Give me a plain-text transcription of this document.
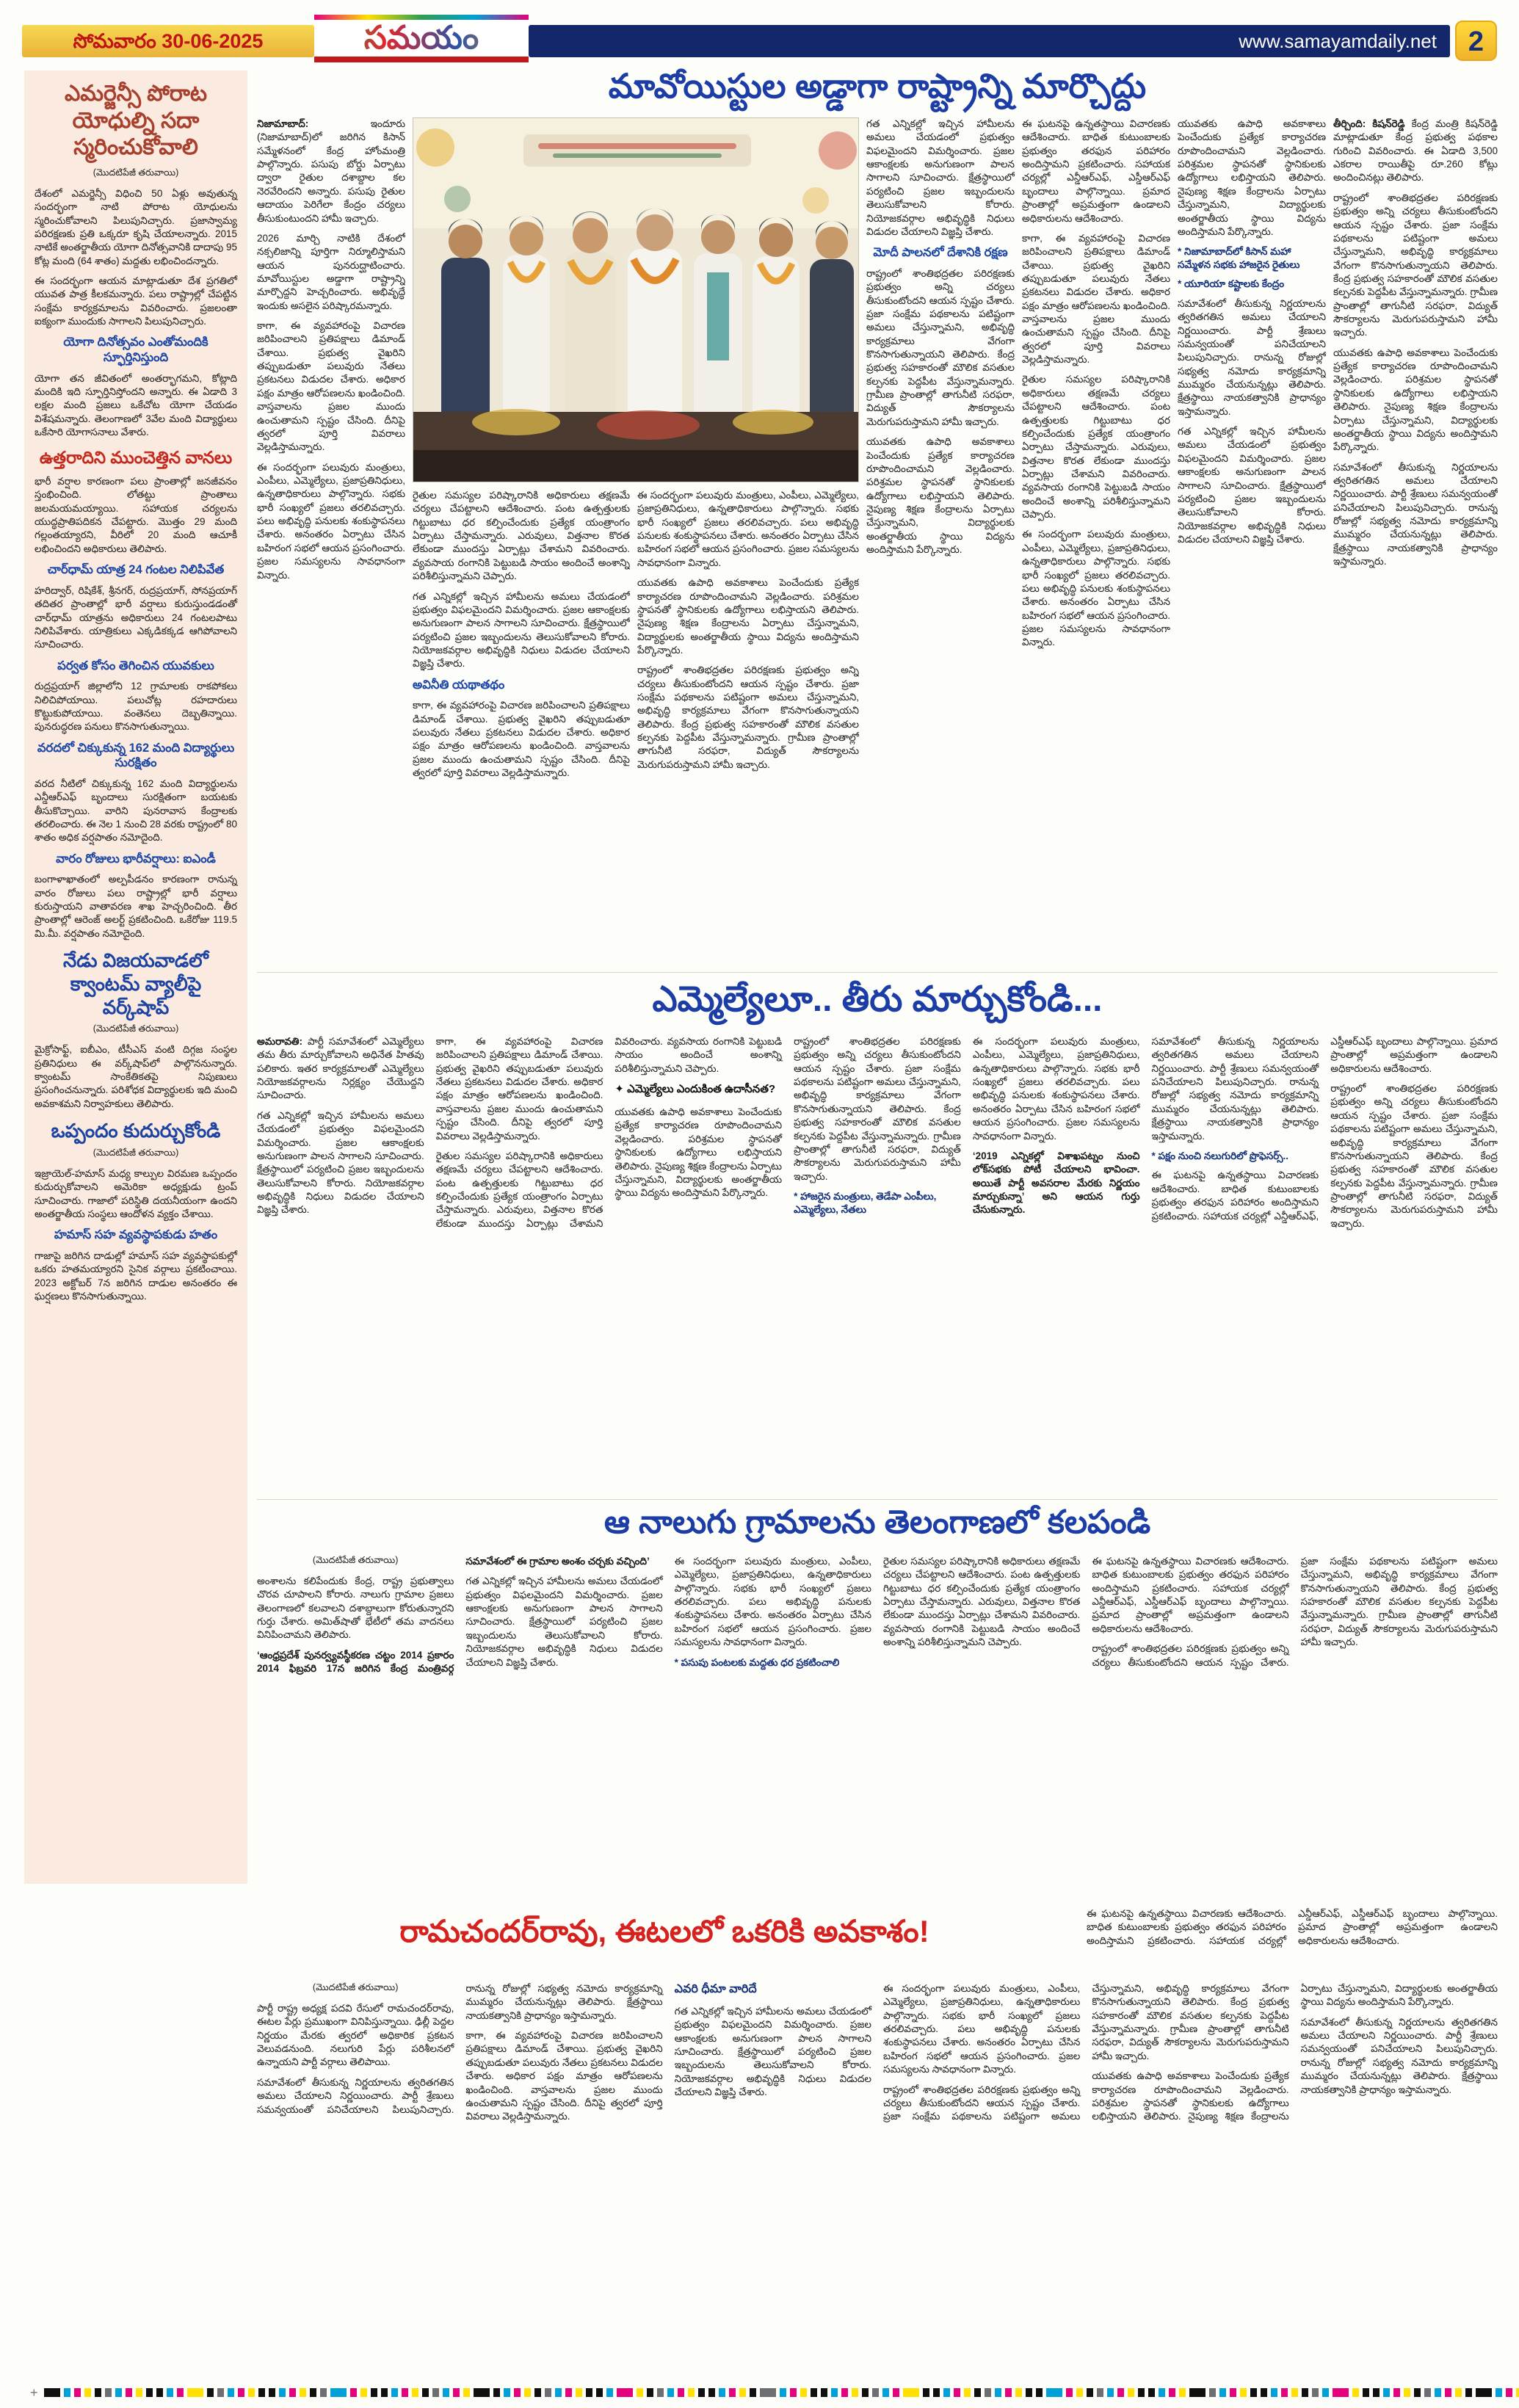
సోమవారం 30-06-2025	సమయం	www.samayamdaily.net	2
ఎమర్జెన్సీ పోరాట యోధుల్ని సదా స్మరించుకోవాలి
(మొదటిపేజీ తరువాయి)

దేశంలో ఎమర్జెన్సీ విధించి 50 ఏళ్లు అవుతున్న సందర్భంగా నాటి పోరాట యోధులను స్మరించుకోవాలని పిలుపునిచ్చారు. ప్రజాస్వామ్య పరిరక్షణకు ప్రతి ఒక్కరూ కృషి చేయాలన్నారు. 2015 నాటికే అంతర్జాతీయ యోగా దినోత్సవానికి దాదాపు 95 కోట్ల మంది (64 శాతం) మద్దతు లభించిందన్నారు.

ఈ సందర్భంగా ఆయన మాట్లాడుతూ దేశ ప్రగతిలో యువత పాత్ర కీలకమన్నారు. పలు రాష్ట్రాల్లో చేపట్టిన సంక్షేమ కార్యక్రమాలను వివరించారు. ప్రజలంతా ఐక్యంగా ముందుకు సాగాలని పిలుపునిచ్చారు.

యోగా దినోత్సవం ఎంతోమందికి స్ఫూర్తినిస్తుంది

యోగా తన జీవితంలో అంతర్భాగమని, కోట్లాది మందికి ఇది స్ఫూర్తినిస్తోందని అన్నారు. ఈ ఏడాది 3 లక్షల మంది ప్రజలు ఒకేచోట యోగా చేయడం విశేషమన్నారు. తెలంగాణలో 3వేల మంది విద్యార్థులు ఒకేసారి యోగాసనాలు వేశారు.

ఉత్తరాదిని ముంచెత్తిన వానలు

భారీ వర్షాల కారణంగా పలు ప్రాంతాల్లో జనజీవనం స్తంభించింది. లోతట్టు ప్రాంతాలు జలమయమయ్యాయి. సహాయక చర్యలను యుద్ధప్రాతిపదికన చేపట్టారు. మొత్తం 29 మంది గల్లంతయ్యారని, వీరిలో 20 మంది ఆచూకీ లభించిందని అధికారులు తెలిపారు.

చార్‌ధామ్ యాత్ర 24 గంటల నిలిపివేత

హరిద్వార్, రిషికేశ్, శ్రీనగర్, రుద్రప్రయాగ్, సోనప్రయాగ్ తదితర ప్రాంతాల్లో భారీ వర్షాలు కురుస్తుండడంతో చార్‌ధామ్ యాత్రను అధికారులు 24 గంటలపాటు నిలిపివేశారు. యాత్రికులు ఎక్కడికక్కడ ఆగిపోవాలని సూచించారు.

పర్వత కోసం తెగించిన యువకులు

రుద్రప్రయాగ్ జిల్లాలోని 12 గ్రామాలకు రాకపోకలు నిలిచిపోయాయి. పలుచోట్ల రహదారులు కొట్టుకుపోయాయి. వంతెనలు దెబ్బతిన్నాయి. పునరుద్ధరణ పనులు కొనసాగుతున్నాయి.

వరదలో చిక్కుకున్న 162 మంది విద్యార్థులు సురక్షితం

వరద నీటిలో చిక్కుకున్న 162 మంది విద్యార్థులను ఎన్డీఆర్ఎఫ్ బృందాలు సురక్షితంగా బయటకు తీసుకొచ్చాయి. వారిని పునరావాస కేంద్రాలకు తరలించారు. ఈ నెల 1 నుంచి 28 వరకు రాష్ట్రంలో 80 శాతం అధిక వర్షపాతం నమోదైంది.

వారం రోజులు భారీవర్షాలు: ఐఎండీ

బంగాళాఖాతంలో అల్పపీడనం కారణంగా రానున్న వారం రోజులు పలు రాష్ట్రాల్లో భారీ వర్షాలు కురుస్తాయని వాతావరణ శాఖ హెచ్చరించింది. తీర ప్రాంతాల్లో ఆరెంజ్ అలర్ట్ ప్రకటించింది. ఒకేరోజు 119.5 మి.మీ. వర్షపాతం నమోదైంది.

నేడు విజయవాడలో క్వాంటమ్ వ్యాలీపై వర్క్‌షాప్
(మొదటిపేజీ తరువాయి)

మైక్రోసాఫ్ట్, ఐబీఎం, టీసీఎస్ వంటి దిగ్గజ సంస్థల ప్రతినిధులు ఈ వర్క్‌షాప్‌లో పాల్గొననున్నారు. క్వాంటమ్ సాంకేతికతపై నిపుణులు ప్రసంగించనున్నారు. పరిశోధక విద్యార్థులకు ఇది మంచి అవకాశమని నిర్వాహకులు తెలిపారు.

ఒప్పందం కుదుర్చుకోండి
(మొదటిపేజీ తరువాయి)

ఇజ్రాయెల్-హమాస్ మధ్య కాల్పుల విరమణ ఒప్పందం కుదుర్చుకోవాలని అమెరికా అధ్యక్షుడు ట్రంప్ సూచించారు. గాజాలో పరిస్థితి దయనీయంగా ఉందని అంతర్జాతీయ సంస్థలు ఆందోళన వ్యక్తం చేశాయి.

హమాస్ సహ వ్యవస్థాపకుడు హతం

గాజాపై జరిగిన దాడుల్లో హమాస్ సహ వ్యవస్థాపకుల్లో ఒకరు హతమయ్యారని సైనిక వర్గాలు ప్రకటించాయి. 2023 అక్టోబర్ 7న జరిగిన దాడుల అనంతరం ఈ ఘర్షణలు కొనసాగుతున్నాయి.

మావోయిస్టుల అడ్డాగా రాష్ట్రాన్ని మార్చొద్దు

నిజామాబాద్: ఇందూరు (నిజామాబాద్)లో జరిగిన కిసాన్ సమ్మేళనంలో కేంద్ర హోంమంత్రి పాల్గొన్నారు. పసుపు బోర్డు ఏర్పాటు ద్వారా రైతుల దశాబ్దాల కల నెరవేరిందని అన్నారు. పసుపు రైతుల ఆదాయం పెరిగేలా కేంద్రం చర్యలు తీసుకుంటుందని హామీ ఇచ్చారు.

2026 మార్చి నాటికి దేశంలో నక్సలిజాన్ని పూర్తిగా నిర్మూలిస్తామని ఆయన పునరుద్ఘాటించారు. మావోయిస్టుల అడ్డాగా రాష్ట్రాన్ని మార్చొద్దని హెచ్చరించారు. అభివృద్ధే ఇందుకు అసలైన పరిష్కారమన్నారు.

కాగా, ఈ వ్యవహారంపై విచారణ జరిపించాలని ప్రతిపక్షాలు డిమాండ్ చేశాయి. ప్రభుత్వ వైఖరిని తప్పుబడుతూ పలువురు నేతలు ప్రకటనలు విడుదల చేశారు. అధికార పక్షం మాత్రం ఆరోపణలను ఖండించింది. వాస్తవాలను ప్రజల ముందు ఉంచుతామని స్పష్టం చేసింది. దీనిపై త్వరలో పూర్తి వివరాలు వెల్లడిస్తామన్నారు.

ఈ సందర్భంగా పలువురు మంత్రులు, ఎంపీలు, ఎమ్మెల్యేలు, ప్రజాప్రతినిధులు, ఉన్నతాధికారులు పాల్గొన్నారు. సభకు భారీ సంఖ్యలో ప్రజలు తరలివచ్చారు. పలు అభివృద్ధి పనులకు శంకుస్థాపనలు చేశారు. అనంతరం ఏర్పాటు చేసిన బహిరంగ సభలో ఆయన ప్రసంగించారు. ప్రజల సమస్యలను సావధానంగా విన్నారు.

రైతుల సమస్యల పరిష్కారానికి అధికారులు తక్షణమే చర్యలు చేపట్టాలని ఆదేశించారు. పంట ఉత్పత్తులకు గిట్టుబాటు ధర కల్పించేందుకు ప్రత్యేక యంత్రాంగం ఏర్పాటు చేస్తామన్నారు. ఎరువులు, విత్తనాల కొరత లేకుండా ముందస్తు ఏర్పాట్లు చేశామని వివరించారు. వ్యవసాయ రంగానికి పెట్టుబడి సాయం అందించే అంశాన్ని పరిశీలిస్తున్నామని చెప్పారు.

గత ఎన్నికల్లో ఇచ్చిన హామీలను అమలు చేయడంలో ప్రభుత్వం విఫలమైందని విమర్శించారు. ప్రజల ఆకాంక్షలకు అనుగుణంగా పాలన సాగాలని సూచించారు. క్షేత్రస్థాయిలో పర్యటించి ప్రజల ఇబ్బందులను తెలుసుకోవాలని కోరారు. నియోజకవర్గాల అభివృద్ధికి నిధులు విడుదల చేయాలని విజ్ఞప్తి చేశారు.

అవినీతి యథాతథం

కాగా, ఈ వ్యవహారంపై విచారణ జరిపించాలని ప్రతిపక్షాలు డిమాండ్ చేశాయి. ప్రభుత్వ వైఖరిని తప్పుబడుతూ పలువురు నేతలు ప్రకటనలు విడుదల చేశారు. అధికార పక్షం మాత్రం ఆరోపణలను ఖండించింది. వాస్తవాలను ప్రజల ముందు ఉంచుతామని స్పష్టం చేసింది. దీనిపై త్వరలో పూర్తి వివరాలు వెల్లడిస్తామన్నారు.

ఈ సందర్భంగా పలువురు మంత్రులు, ఎంపీలు, ఎమ్మెల్యేలు, ప్రజాప్రతినిధులు, ఉన్నతాధికారులు పాల్గొన్నారు. సభకు భారీ సంఖ్యలో ప్రజలు తరలివచ్చారు. పలు అభివృద్ధి పనులకు శంకుస్థాపనలు చేశారు. అనంతరం ఏర్పాటు చేసిన బహిరంగ సభలో ఆయన ప్రసంగించారు. ప్రజల సమస్యలను సావధానంగా విన్నారు.

యువతకు ఉపాధి అవకాశాలు పెంచేందుకు ప్రత్యేక కార్యాచరణ రూపొందించామని వెల్లడించారు. పరిశ్రమల స్థాపనతో స్థానికులకు ఉద్యోగాలు లభిస్తాయని తెలిపారు. నైపుణ్య శిక్షణ కేంద్రాలను ఏర్పాటు చేస్తున్నామని, విద్యార్థులకు అంతర్జాతీయ స్థాయి విద్యను అందిస్తామని పేర్కొన్నారు.

రాష్ట్రంలో శాంతిభద్రతల పరిరక్షణకు ప్రభుత్వం అన్ని చర్యలు తీసుకుంటోందని ఆయన స్పష్టం చేశారు. ప్రజా సంక్షేమ పథకాలను పటిష్టంగా అమలు చేస్తున్నామని, అభివృద్ధి కార్యక్రమాలు వేగంగా కొనసాగుతున్నాయని తెలిపారు. కేంద్ర ప్రభుత్వ సహకారంతో మౌలిక వసతుల కల్పనకు పెద్దపీట వేస్తున్నామన్నారు. గ్రామీణ ప్రాంతాల్లో తాగునీటి సరఫరా, విద్యుత్ సౌకర్యాలను మెరుగుపరుస్తామని హామీ ఇచ్చారు.

గత ఎన్నికల్లో ఇచ్చిన హామీలను అమలు చేయడంలో ప్రభుత్వం విఫలమైందని విమర్శించారు. ప్రజల ఆకాంక్షలకు అనుగుణంగా పాలన సాగాలని సూచించారు. క్షేత్రస్థాయిలో పర్యటించి ప్రజల ఇబ్బందులను తెలుసుకోవాలని కోరారు. నియోజకవర్గాల అభివృద్ధికి నిధులు విడుదల చేయాలని విజ్ఞప్తి చేశారు.

మోదీ పాలనలో దేశానికి రక్షణ

రాష్ట్రంలో శాంతిభద్రతల పరిరక్షణకు ప్రభుత్వం అన్ని చర్యలు తీసుకుంటోందని ఆయన స్పష్టం చేశారు. ప్రజా సంక్షేమ పథకాలను పటిష్టంగా అమలు చేస్తున్నామని, అభివృద్ధి కార్యక్రమాలు వేగంగా కొనసాగుతున్నాయని తెలిపారు. కేంద్ర ప్రభుత్వ సహకారంతో మౌలిక వసతుల కల్పనకు పెద్దపీట వేస్తున్నామన్నారు. గ్రామీణ ప్రాంతాల్లో తాగునీటి సరఫరా, విద్యుత్ సౌకర్యాలను మెరుగుపరుస్తామని హామీ ఇచ్చారు.

యువతకు ఉపాధి అవకాశాలు పెంచేందుకు ప్రత్యేక కార్యాచరణ రూపొందించామని వెల్లడించారు. పరిశ్రమల స్థాపనతో స్థానికులకు ఉద్యోగాలు లభిస్తాయని తెలిపారు. నైపుణ్య శిక్షణ కేంద్రాలను ఏర్పాటు చేస్తున్నామని, విద్యార్థులకు అంతర్జాతీయ స్థాయి విద్యను అందిస్తామని పేర్కొన్నారు.

ఈ ఘటనపై ఉన్నతస్థాయి విచారణకు ఆదేశించారు. బాధిత కుటుంబాలకు ప్రభుత్వం తరఫున పరిహారం అందిస్తామని ప్రకటించారు. సహాయక చర్యల్లో ఎన్డీఆర్ఎఫ్, ఎస్డీఆర్ఎఫ్ బృందాలు పాల్గొన్నాయి. ప్రమాద ప్రాంతాల్లో అప్రమత్తంగా ఉండాలని అధికారులను ఆదేశించారు.

కాగా, ఈ వ్యవహారంపై విచారణ జరిపించాలని ప్రతిపక్షాలు డిమాండ్ చేశాయి. ప్రభుత్వ వైఖరిని తప్పుబడుతూ పలువురు నేతలు ప్రకటనలు విడుదల చేశారు. అధికార పక్షం మాత్రం ఆరోపణలను ఖండించింది. వాస్తవాలను ప్రజల ముందు ఉంచుతామని స్పష్టం చేసింది. దీనిపై త్వరలో పూర్తి వివరాలు వెల్లడిస్తామన్నారు.

రైతుల సమస్యల పరిష్కారానికి అధికారులు తక్షణమే చర్యలు చేపట్టాలని ఆదేశించారు. పంట ఉత్పత్తులకు గిట్టుబాటు ధర కల్పించేందుకు ప్రత్యేక యంత్రాంగం ఏర్పాటు చేస్తామన్నారు. ఎరువులు, విత్తనాల కొరత లేకుండా ముందస్తు ఏర్పాట్లు చేశామని వివరించారు. వ్యవసాయ రంగానికి పెట్టుబడి సాయం అందించే అంశాన్ని పరిశీలిస్తున్నామని చెప్పారు.

ఈ సందర్భంగా పలువురు మంత్రులు, ఎంపీలు, ఎమ్మెల్యేలు, ప్రజాప్రతినిధులు, ఉన్నతాధికారులు పాల్గొన్నారు. సభకు భారీ సంఖ్యలో ప్రజలు తరలివచ్చారు. పలు అభివృద్ధి పనులకు శంకుస్థాపనలు చేశారు. అనంతరం ఏర్పాటు చేసిన బహిరంగ సభలో ఆయన ప్రసంగించారు. ప్రజల సమస్యలను సావధానంగా విన్నారు.

యువతకు ఉపాధి అవకాశాలు పెంచేందుకు ప్రత్యేక కార్యాచరణ రూపొందించామని వెల్లడించారు. పరిశ్రమల స్థాపనతో స్థానికులకు ఉద్యోగాలు లభిస్తాయని తెలిపారు. నైపుణ్య శిక్షణ కేంద్రాలను ఏర్పాటు చేస్తున్నామని, విద్యార్థులకు అంతర్జాతీయ స్థాయి విద్యను అందిస్తామని పేర్కొన్నారు.

* నిజామాబాద్‌లో కిసాన్ మహా సమ్మేళన సభకు హాజరైన రైతులు
* యూరియా కష్టాలకు కేంద్రం

సమావేశంలో తీసుకున్న నిర్ణయాలను త్వరితగతిన అమలు చేయాలని నిర్ణయించారు. పార్టీ శ్రేణులు సమన్వయంతో పనిచేయాలని పిలుపునిచ్చారు. రానున్న రోజుల్లో సభ్యత్వ నమోదు కార్యక్రమాన్ని ముమ్మరం చేయనున్నట్లు తెలిపారు. క్షేత్రస్థాయి నాయకత్వానికి ప్రాధాన్యం ఇస్తామన్నారు.

గత ఎన్నికల్లో ఇచ్చిన హామీలను అమలు చేయడంలో ప్రభుత్వం విఫలమైందని విమర్శించారు. ప్రజల ఆకాంక్షలకు అనుగుణంగా పాలన సాగాలని సూచించారు. క్షేత్రస్థాయిలో పర్యటించి ప్రజల ఇబ్బందులను తెలుసుకోవాలని కోరారు. నియోజకవర్గాల అభివృద్ధికి నిధులు విడుదల చేయాలని విజ్ఞప్తి చేశారు.

తీర్చింది: కిషన్‌రెడ్డి కేంద్ర మంత్రి కిషన్‌రెడ్డి మాట్లాడుతూ కేంద్ర ప్రభుత్వ పథకాల గురించి వివరించారు. ఈ ఏడాది 3,500 ఎకరాల రాయితీపై రూ.260 కోట్లు అందించినట్లు తెలిపారు.

రాష్ట్రంలో శాంతిభద్రతల పరిరక్షణకు ప్రభుత్వం అన్ని చర్యలు తీసుకుంటోందని ఆయన స్పష్టం చేశారు. ప్రజా సంక్షేమ పథకాలను పటిష్టంగా అమలు చేస్తున్నామని, అభివృద్ధి కార్యక్రమాలు వేగంగా కొనసాగుతున్నాయని తెలిపారు. కేంద్ర ప్రభుత్వ సహకారంతో మౌలిక వసతుల కల్పనకు పెద్దపీట వేస్తున్నామన్నారు. గ్రామీణ ప్రాంతాల్లో తాగునీటి సరఫరా, విద్యుత్ సౌకర్యాలను మెరుగుపరుస్తామని హామీ ఇచ్చారు.

యువతకు ఉపాధి అవకాశాలు పెంచేందుకు ప్రత్యేక కార్యాచరణ రూపొందించామని వెల్లడించారు. పరిశ్రమల స్థాపనతో స్థానికులకు ఉద్యోగాలు లభిస్తాయని తెలిపారు. నైపుణ్య శిక్షణ కేంద్రాలను ఏర్పాటు చేస్తున్నామని, విద్యార్థులకు అంతర్జాతీయ స్థాయి విద్యను అందిస్తామని పేర్కొన్నారు.

సమావేశంలో తీసుకున్న నిర్ణయాలను త్వరితగతిన అమలు చేయాలని నిర్ణయించారు. పార్టీ శ్రేణులు సమన్వయంతో పనిచేయాలని పిలుపునిచ్చారు. రానున్న రోజుల్లో సభ్యత్వ నమోదు కార్యక్రమాన్ని ముమ్మరం చేయనున్నట్లు తెలిపారు. క్షేత్రస్థాయి నాయకత్వానికి ప్రాధాన్యం ఇస్తామన్నారు.

ఎమ్మెల్యేలూ.. తీరు మార్చుకోండి...

అమరావతి: పార్టీ సమావేశంలో ఎమ్మెల్యేలు తమ తీరు మార్చుకోవాలని అధినేత హితవు పలికారు. ఇతర కార్యక్రమాలతో ఎమ్మెల్యేలు నియోజకవర్గాలను నిర్లక్ష్యం చేయొద్దని సూచించారు.

గత ఎన్నికల్లో ఇచ్చిన హామీలను అమలు చేయడంలో ప్రభుత్వం విఫలమైందని విమర్శించారు. ప్రజల ఆకాంక్షలకు అనుగుణంగా పాలన సాగాలని సూచించారు. క్షేత్రస్థాయిలో పర్యటించి ప్రజల ఇబ్బందులను తెలుసుకోవాలని కోరారు. నియోజకవర్గాల అభివృద్ధికి నిధులు విడుదల చేయాలని విజ్ఞప్తి చేశారు.

కాగా, ఈ వ్యవహారంపై విచారణ జరిపించాలని ప్రతిపక్షాలు డిమాండ్ చేశాయి. ప్రభుత్వ వైఖరిని తప్పుబడుతూ పలువురు నేతలు ప్రకటనలు విడుదల చేశారు. అధికార పక్షం మాత్రం ఆరోపణలను ఖండించింది. వాస్తవాలను ప్రజల ముందు ఉంచుతామని స్పష్టం చేసింది. దీనిపై త్వరలో పూర్తి వివరాలు వెల్లడిస్తామన్నారు.

రైతుల సమస్యల పరిష్కారానికి అధికారులు తక్షణమే చర్యలు చేపట్టాలని ఆదేశించారు. పంట ఉత్పత్తులకు గిట్టుబాటు ధర కల్పించేందుకు ప్రత్యేక యంత్రాంగం ఏర్పాటు చేస్తామన్నారు. ఎరువులు, విత్తనాల కొరత లేకుండా ముందస్తు ఏర్పాట్లు చేశామని వివరించారు. వ్యవసాయ రంగానికి పెట్టుబడి సాయం అందించే అంశాన్ని పరిశీలిస్తున్నామని చెప్పారు.

✦ ఎమ్మెల్యేలు ఎందుకింత ఉదాసీనత?

యువతకు ఉపాధి అవకాశాలు పెంచేందుకు ప్రత్యేక కార్యాచరణ రూపొందించామని వెల్లడించారు. పరిశ్రమల స్థాపనతో స్థానికులకు ఉద్యోగాలు లభిస్తాయని తెలిపారు. నైపుణ్య శిక్షణ కేంద్రాలను ఏర్పాటు చేస్తున్నామని, విద్యార్థులకు అంతర్జాతీయ స్థాయి విద్యను అందిస్తామని పేర్కొన్నారు.

రాష్ట్రంలో శాంతిభద్రతల పరిరక్షణకు ప్రభుత్వం అన్ని చర్యలు తీసుకుంటోందని ఆయన స్పష్టం చేశారు. ప్రజా సంక్షేమ పథకాలను పటిష్టంగా అమలు చేస్తున్నామని, అభివృద్ధి కార్యక్రమాలు వేగంగా కొనసాగుతున్నాయని తెలిపారు. కేంద్ర ప్రభుత్వ సహకారంతో మౌలిక వసతుల కల్పనకు పెద్దపీట వేస్తున్నామన్నారు. గ్రామీణ ప్రాంతాల్లో తాగునీటి సరఫరా, విద్యుత్ సౌకర్యాలను మెరుగుపరుస్తామని హామీ ఇచ్చారు.

* హాజరైన మంత్రులు, తెడేపా ఎంపీలు, ఎమ్మెల్యేలు, నేతలు

ఈ సందర్భంగా పలువురు మంత్రులు, ఎంపీలు, ఎమ్మెల్యేలు, ప్రజాప్రతినిధులు, ఉన్నతాధికారులు పాల్గొన్నారు. సభకు భారీ సంఖ్యలో ప్రజలు తరలివచ్చారు. పలు అభివృద్ధి పనులకు శంకుస్థాపనలు చేశారు. అనంతరం ఏర్పాటు చేసిన బహిరంగ సభలో ఆయన ప్రసంగించారు. ప్రజల సమస్యలను సావధానంగా విన్నారు.

‘2019 ఎన్నికల్లో విశాఖపట్నం నుంచి లోక్‌సభకు పోటీ చేయాలని భావించా. అయితే పార్టీ అవసరాల మేరకు నిర్ణయం మార్చుకున్నా’ అని ఆయన గుర్తు చేసుకున్నారు.

సమావేశంలో తీసుకున్న నిర్ణయాలను త్వరితగతిన అమలు చేయాలని నిర్ణయించారు. పార్టీ శ్రేణులు సమన్వయంతో పనిచేయాలని పిలుపునిచ్చారు. రానున్న రోజుల్లో సభ్యత్వ నమోదు కార్యక్రమాన్ని ముమ్మరం చేయనున్నట్లు తెలిపారు. క్షేత్రస్థాయి నాయకత్వానికి ప్రాధాన్యం ఇస్తామన్నారు.

* పక్షం నుంచి నలుగురిలో ప్రొఫెసర్స్..

ఈ ఘటనపై ఉన్నతస్థాయి విచారణకు ఆదేశించారు. బాధిత కుటుంబాలకు ప్రభుత్వం తరఫున పరిహారం అందిస్తామని ప్రకటించారు. సహాయక చర్యల్లో ఎన్డీఆర్ఎఫ్, ఎస్డీఆర్ఎఫ్ బృందాలు పాల్గొన్నాయి. ప్రమాద ప్రాంతాల్లో అప్రమత్తంగా ఉండాలని అధికారులను ఆదేశించారు.

రాష్ట్రంలో శాంతిభద్రతల పరిరక్షణకు ప్రభుత్వం అన్ని చర్యలు తీసుకుంటోందని ఆయన స్పష్టం చేశారు. ప్రజా సంక్షేమ పథకాలను పటిష్టంగా అమలు చేస్తున్నామని, అభివృద్ధి కార్యక్రమాలు వేగంగా కొనసాగుతున్నాయని తెలిపారు. కేంద్ర ప్రభుత్వ సహకారంతో మౌలిక వసతుల కల్పనకు పెద్దపీట వేస్తున్నామన్నారు. గ్రామీణ ప్రాంతాల్లో తాగునీటి సరఫరా, విద్యుత్ సౌకర్యాలను మెరుగుపరుస్తామని హామీ ఇచ్చారు.

ఆ నాలుగు గ్రామాలను తెలంగాణలో కలపండి
(మొదటిపేజీ తరువాయి)

అంశాలను కలిపేందుకు కేంద్ర, రాష్ట్ర ప్రభుత్వాలు చొరవ చూపాలని కోరారు. నాలుగు గ్రామాల ప్రజలు తెలంగాణలో కలవాలని దశాబ్దాలుగా కోరుతున్నారని గుర్తు చేశారు. అమిత్‌షాతో భేటీలో తమ వాదనలు వినిపించామని తెలిపారు.

‘ఆంధ్రప్రదేశ్ పునర్వ్యవస్థీకరణ చట్టం 2014 ప్రకారం 2014 ఫిబ్రవరి 17న జరిగిన కేంద్ర మంత్రివర్గ సమావేశంలో ఈ గ్రామాల అంశం చర్చకు వచ్చింది’

గత ఎన్నికల్లో ఇచ్చిన హామీలను అమలు చేయడంలో ప్రభుత్వం విఫలమైందని విమర్శించారు. ప్రజల ఆకాంక్షలకు అనుగుణంగా పాలన సాగాలని సూచించారు. క్షేత్రస్థాయిలో పర్యటించి ప్రజల ఇబ్బందులను తెలుసుకోవాలని కోరారు. నియోజకవర్గాల అభివృద్ధికి నిధులు విడుదల చేయాలని విజ్ఞప్తి చేశారు.

ఈ సందర్భంగా పలువురు మంత్రులు, ఎంపీలు, ఎమ్మెల్యేలు, ప్రజాప్రతినిధులు, ఉన్నతాధికారులు పాల్గొన్నారు. సభకు భారీ సంఖ్యలో ప్రజలు తరలివచ్చారు. పలు అభివృద్ధి పనులకు శంకుస్థాపనలు చేశారు. అనంతరం ఏర్పాటు చేసిన బహిరంగ సభలో ఆయన ప్రసంగించారు. ప్రజల సమస్యలను సావధానంగా విన్నారు.

* పసుపు పంటలకు మద్దతు ధర ప్రకటించాలి

రైతుల సమస్యల పరిష్కారానికి అధికారులు తక్షణమే చర్యలు చేపట్టాలని ఆదేశించారు. పంట ఉత్పత్తులకు గిట్టుబాటు ధర కల్పించేందుకు ప్రత్యేక యంత్రాంగం ఏర్పాటు చేస్తామన్నారు. ఎరువులు, విత్తనాల కొరత లేకుండా ముందస్తు ఏర్పాట్లు చేశామని వివరించారు. వ్యవసాయ రంగానికి పెట్టుబడి సాయం అందించే అంశాన్ని పరిశీలిస్తున్నామని చెప్పారు.

ఈ ఘటనపై ఉన్నతస్థాయి విచారణకు ఆదేశించారు. బాధిత కుటుంబాలకు ప్రభుత్వం తరఫున పరిహారం అందిస్తామని ప్రకటించారు. సహాయక చర్యల్లో ఎన్డీఆర్ఎఫ్, ఎస్డీఆర్ఎఫ్ బృందాలు పాల్గొన్నాయి. ప్రమాద ప్రాంతాల్లో అప్రమత్తంగా ఉండాలని అధికారులను ఆదేశించారు.

రాష్ట్రంలో శాంతిభద్రతల పరిరక్షణకు ప్రభుత్వం అన్ని చర్యలు తీసుకుంటోందని ఆయన స్పష్టం చేశారు. ప్రజా సంక్షేమ పథకాలను పటిష్టంగా అమలు చేస్తున్నామని, అభివృద్ధి కార్యక్రమాలు వేగంగా కొనసాగుతున్నాయని తెలిపారు. కేంద్ర ప్రభుత్వ సహకారంతో మౌలిక వసతుల కల్పనకు పెద్దపీట వేస్తున్నామన్నారు. గ్రామీణ ప్రాంతాల్లో తాగునీటి సరఫరా, విద్యుత్ సౌకర్యాలను మెరుగుపరుస్తామని హామీ ఇచ్చారు.

ఈ ఘటనపై ఉన్నతస్థాయి విచారణకు ఆదేశించారు. బాధిత కుటుంబాలకు ప్రభుత్వం తరఫున పరిహారం అందిస్తామని ప్రకటించారు. సహాయక చర్యల్లో ఎన్డీఆర్ఎఫ్, ఎస్డీఆర్ఎఫ్ బృందాలు పాల్గొన్నాయి. ప్రమాద ప్రాంతాల్లో అప్రమత్తంగా ఉండాలని అధికారులను ఆదేశించారు.

రామచందర్‌రావు, ఈటలలో ఒకరికి అవకాశం!
(మొదటిపేజీ తరువాయి)

పార్టీ రాష్ట్ర అధ్యక్ష పదవి రేసులో రామచందర్‌రావు, ఈటల పేర్లు ప్రముఖంగా వినిపిస్తున్నాయి. ఢిల్లీ పెద్దల నిర్ణయం మేరకు త్వరలో అధికారిక ప్రకటన వెలువడనుంది. నలుగురి పేర్లు పరిశీలనలో ఉన్నాయని పార్టీ వర్గాలు తెలిపాయి.

సమావేశంలో తీసుకున్న నిర్ణయాలను త్వరితగతిన అమలు చేయాలని నిర్ణయించారు. పార్టీ శ్రేణులు సమన్వయంతో పనిచేయాలని పిలుపునిచ్చారు. రానున్న రోజుల్లో సభ్యత్వ నమోదు కార్యక్రమాన్ని ముమ్మరం చేయనున్నట్లు తెలిపారు. క్షేత్రస్థాయి నాయకత్వానికి ప్రాధాన్యం ఇస్తామన్నారు.

కాగా, ఈ వ్యవహారంపై విచారణ జరిపించాలని ప్రతిపక్షాలు డిమాండ్ చేశాయి. ప్రభుత్వ వైఖరిని తప్పుబడుతూ పలువురు నేతలు ప్రకటనలు విడుదల చేశారు. అధికార పక్షం మాత్రం ఆరోపణలను ఖండించింది. వాస్తవాలను ప్రజల ముందు ఉంచుతామని స్పష్టం చేసింది. దీనిపై త్వరలో పూర్తి వివరాలు వెల్లడిస్తామన్నారు.

ఎవరి ధీమా వారిదే

గత ఎన్నికల్లో ఇచ్చిన హామీలను అమలు చేయడంలో ప్రభుత్వం విఫలమైందని విమర్శించారు. ప్రజల ఆకాంక్షలకు అనుగుణంగా పాలన సాగాలని సూచించారు. క్షేత్రస్థాయిలో పర్యటించి ప్రజల ఇబ్బందులను తెలుసుకోవాలని కోరారు. నియోజకవర్గాల అభివృద్ధికి నిధులు విడుదల చేయాలని విజ్ఞప్తి చేశారు.

ఈ సందర్భంగా పలువురు మంత్రులు, ఎంపీలు, ఎమ్మెల్యేలు, ప్రజాప్రతినిధులు, ఉన్నతాధికారులు పాల్గొన్నారు. సభకు భారీ సంఖ్యలో ప్రజలు తరలివచ్చారు. పలు అభివృద్ధి పనులకు శంకుస్థాపనలు చేశారు. అనంతరం ఏర్పాటు చేసిన బహిరంగ సభలో ఆయన ప్రసంగించారు. ప్రజల సమస్యలను సావధానంగా విన్నారు.

రాష్ట్రంలో శాంతిభద్రతల పరిరక్షణకు ప్రభుత్వం అన్ని చర్యలు తీసుకుంటోందని ఆయన స్పష్టం చేశారు. ప్రజా సంక్షేమ పథకాలను పటిష్టంగా అమలు చేస్తున్నామని, అభివృద్ధి కార్యక్రమాలు వేగంగా కొనసాగుతున్నాయని తెలిపారు. కేంద్ర ప్రభుత్వ సహకారంతో మౌలిక వసతుల కల్పనకు పెద్దపీట వేస్తున్నామన్నారు. గ్రామీణ ప్రాంతాల్లో తాగునీటి సరఫరా, విద్యుత్ సౌకర్యాలను మెరుగుపరుస్తామని హామీ ఇచ్చారు.

యువతకు ఉపాధి అవకాశాలు పెంచేందుకు ప్రత్యేక కార్యాచరణ రూపొందించామని వెల్లడించారు. పరిశ్రమల స్థాపనతో స్థానికులకు ఉద్యోగాలు లభిస్తాయని తెలిపారు. నైపుణ్య శిక్షణ కేంద్రాలను ఏర్పాటు చేస్తున్నామని, విద్యార్థులకు అంతర్జాతీయ స్థాయి విద్యను అందిస్తామని పేర్కొన్నారు.

సమావేశంలో తీసుకున్న నిర్ణయాలను త్వరితగతిన అమలు చేయాలని నిర్ణయించారు. పార్టీ శ్రేణులు సమన్వయంతో పనిచేయాలని పిలుపునిచ్చారు. రానున్న రోజుల్లో సభ్యత్వ నమోదు కార్యక్రమాన్ని ముమ్మరం చేయనున్నట్లు తెలిపారు. క్షేత్రస్థాయి నాయకత్వానికి ప్రాధాన్యం ఇస్తామన్నారు.

+
